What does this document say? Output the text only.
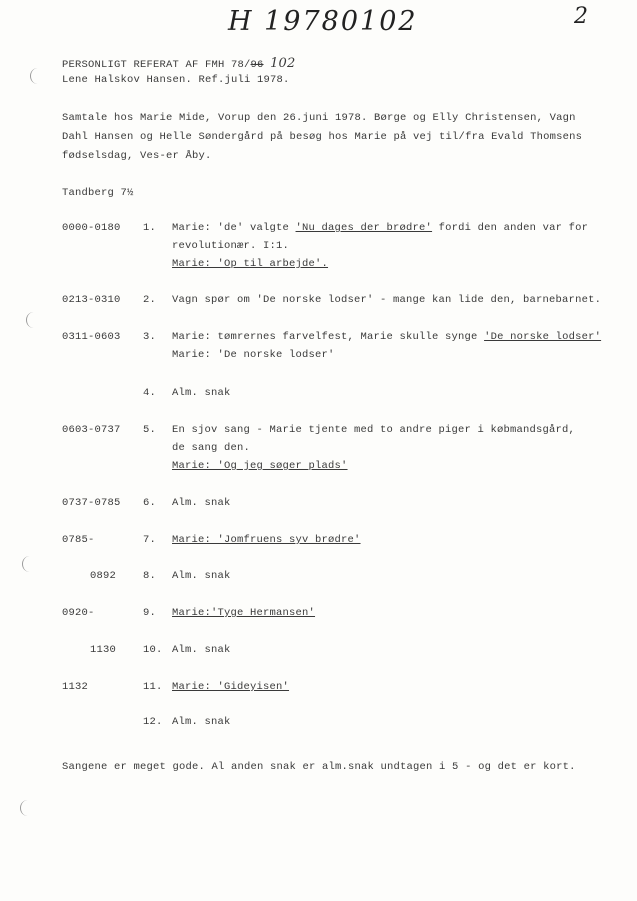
H 19780102	2
PERSONLIGT REFERAT AF FMH 78/96 102
Lene Halskov Hansen. Ref.juli 1978.
Samtale hos Marie Mide, Vorup den 26.juni 1978. Børge og Elly Christensen, Vagn
Dahl Hansen og Helle Søndergård på besøg hos Marie på vej til/fra Evald Thomsens
fødselsdag, Ves-er Åby.
Tandberg 7½
0000-0180 1. Marie: 'de' valgte 'Nu dages der brødre' fordi den anden var for
revolutionær. I:1.
Marie: 'Op til arbejde'.
0213-0310 2. Vagn spør om 'De norske lodser' - mange kan lide den, barnebarnet.
0311-0603 3. Marie: tømrernes farvelfest, Marie skulle synge 'De norske lodser'
Marie: 'De norske lodser'
4. Alm. snak
0603-0737 5. En sjov sang - Marie tjente med to andre piger i købmandsgård,
de sang den.
Marie: 'Og jeg søger plads'
0737-0785 6. Alm. snak
0785-	7. Marie: 'Jomfruens syv brødre'
0892	8. Alm. snak
0920-	9. Marie:'Tyge Hermansen'
1130	10. Alm. snak
1132	11. Marie: 'Gideyisen'
12. Alm. snak
Sangene er meget gode. Al anden snak er alm.snak undtagen i 5 - og det er kort.
